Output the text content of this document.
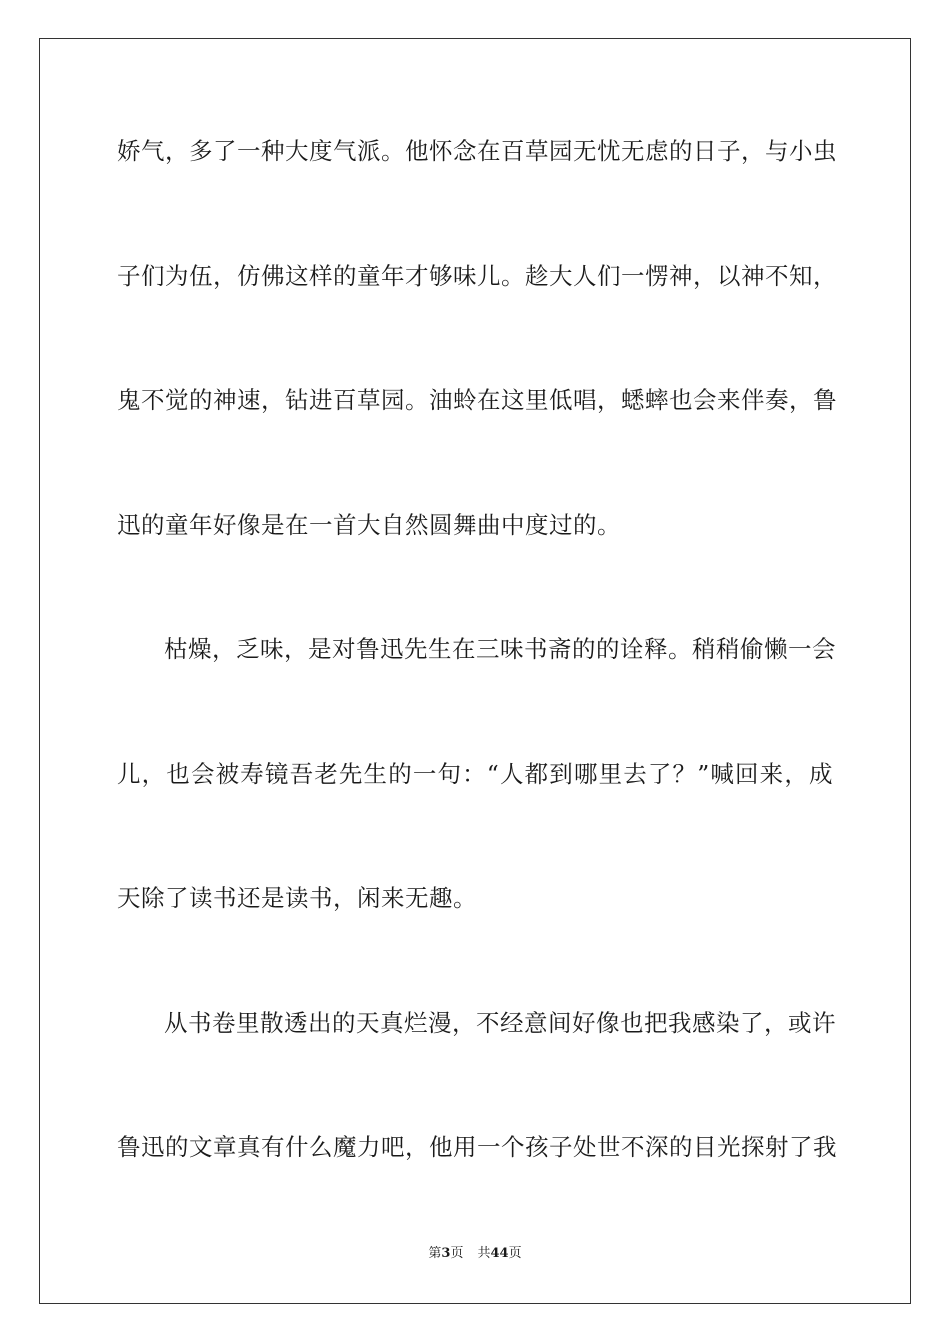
娇气，多了一种大度气派。他怀念在百草园无忧无虑的日子，与小虫
子们为伍，仿佛这样的童年才够味儿。趁大人们一愣神，以神不知，
鬼不觉的神速，钻进百草园。油蛉在这里低唱，蟋蟀也会来伴奏，鲁
迅的童年好像是在一首大自然圆舞曲中度过的。
枯燥，乏味，是对鲁迅先生在三味书斋的的诠释。稍稍偷懒一会
儿，也会被寿镜吾老先生的一句：“人都到哪里去了？”喊回来，成
天除了读书还是读书，闲来无趣。
从书卷里散透出的天真烂漫，不经意间好像也把我感染了，或许
鲁迅的文章真有什么魔力吧，他用一个孩子处世不深的目光探射了我
第3页 共44页
